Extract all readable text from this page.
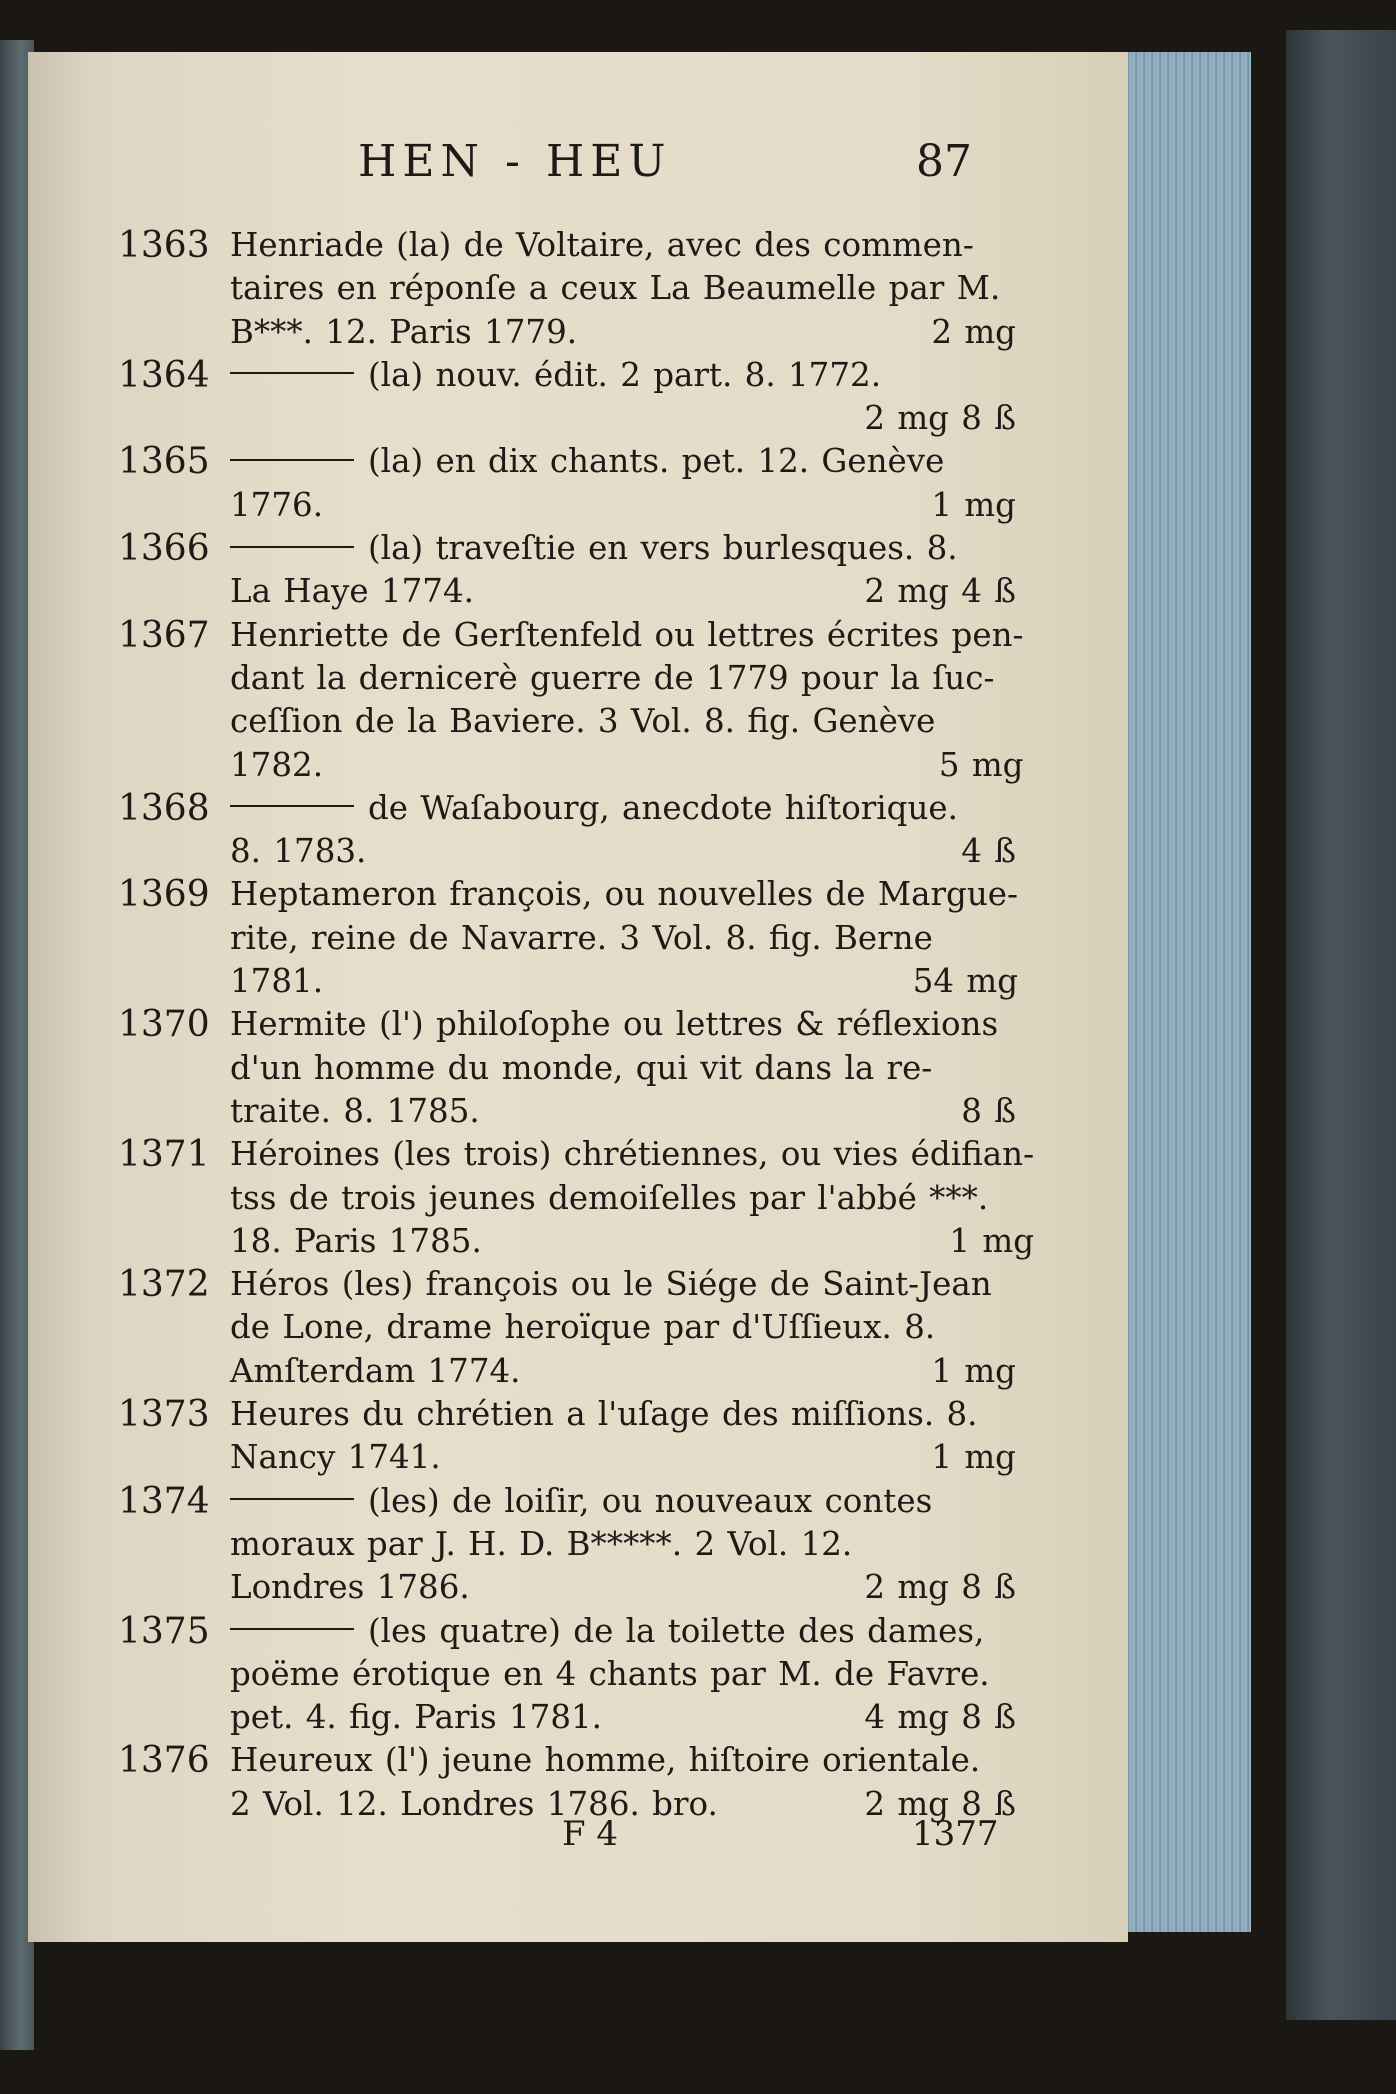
HEN - HEU	87
1363 Henriade (la) de Voltaire, avec des commen-
taires en réponſe a ceux La Beaumelle par M.
B***. 12. Paris 1779.	2 mg
1364	(la) nouv. édit. 2 part. 8. 1772.
2 mg 8 ß
1365	(la) en dix chants. pet. 12. Genève
1776.	1 mg
1366	(la) traveſtie en vers burlesques. 8.
La Haye 1774.	2 mg 4 ß
1367 Henriette de Gerſtenfeld ou lettres écrites pen-
dant la dernicerè guerre de 1779 pour la ſuc-
ceſſion de la Baviere. 3 Vol. 8. fig. Genève
1782.	5 mg
1368	de Waſabourg, anecdote hiſtorique.
8. 1783.	4 ß
1369 Heptameron françois, ou nouvelles de Margue-
rite, reine de Navarre. 3 Vol. 8. fig. Berne
1781.	54 mg
1370 Hermite (l') philoſophe ou lettres & réflexions
d'un homme du monde, qui vit dans la re-
traite. 8. 1785.	8 ß
1371 Héroines (les trois) chrétiennes, ou vies édifian-
tss de trois jeunes demoiſelles par l'abbé ***.
18. Paris 1785.	1 mg
1372 Héros (les) françois ou le Siége de Saint-Jean
de Lone, drame heroïque par d'Uſſieux. 8.
Amſterdam 1774.	1 mg
1373 Heures du chrétien a l'uſage des miſſions. 8.
Nancy 1741.	1 mg
1374	(les) de loiſir, ou nouveaux contes
moraux par J. H. D. B*****. 2 Vol. 12.
Londres 1786.	2 mg 8 ß
1375	(les quatre) de la toilette des dames,
poëme érotique en 4 chants par M. de Favre.
pet. 4. fig. Paris 1781.	4 mg 8 ß
1376 Heureux (l') jeune homme, hiſtoire orientale.
2 Vol. 12. Londres 1786. bro.	2 mg 8 ß
F 4	1377
